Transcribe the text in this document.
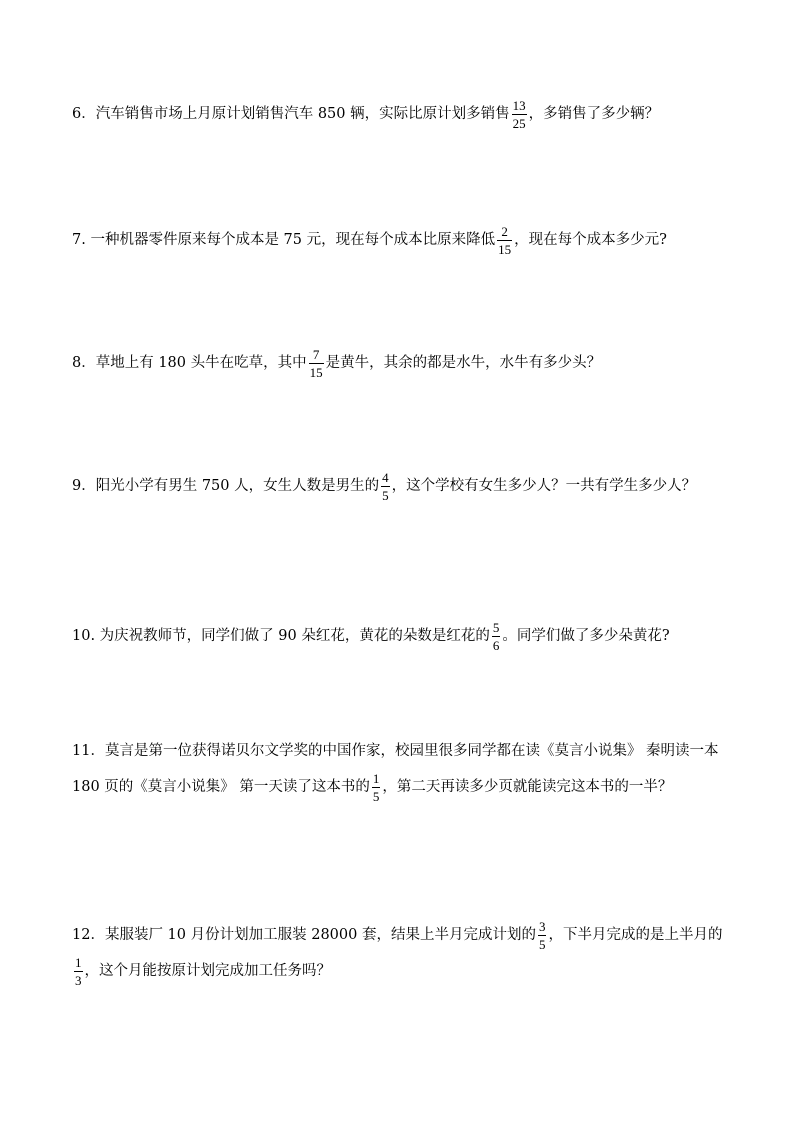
6．汽车销售市场上月原计划销售汽车 850 辆，实际比原计划多销售 $\frac{13}{25}$ ，多销售了多少辆？
7. 一种机器零件原来每个成本是 75 元，现在每个成本比原来降低 $\frac{2}{15}$ ，现在每个成本多少元?
8．草地上有 180 头牛在吃草，其中 $\frac{7}{15}$ 是黄牛，其余的都是水牛，水牛有多少头？
9．阳光小学有男生 750 人，女生人数是男生的 $\frac{4}{5}$ ，这个学校有女生多少人？一共有学生多少人？
10. 为庆祝教师节，同学们做了 90 朵红花，黄花的朵数是红花的 $\frac{5}{6}$ 。同学们做了多少朵黄花?
11．莫言是第一位获得诺贝尔文学奖的中国作家，校园里很多同学都在读《莫言小说集》 秦明读一本 180 页的《莫言小说集》 第一天读了这本书的 $\frac{1}{5}$ ，第二天再读多少页就能读完这本书的一半？
12．某服装厂 10 月份计划加工服装 28000 套，结果上半月完成计划的 $\frac{3}{5}$ ，下半月完成的是上半月的
$\frac{1}{3}$ ，这个月能按原计划完成加工任务吗？
